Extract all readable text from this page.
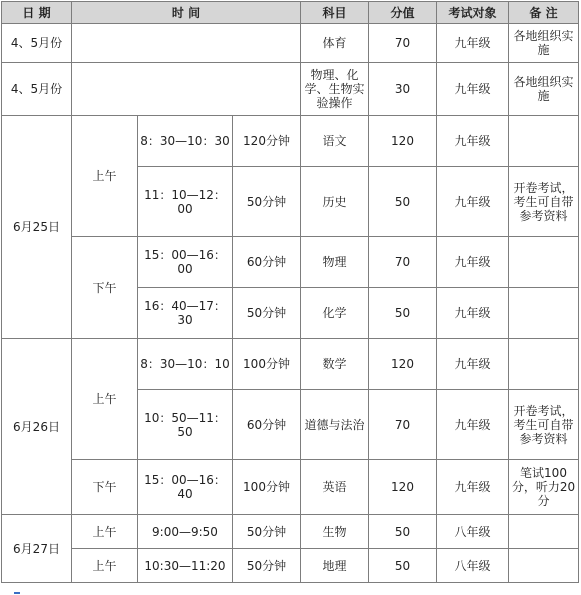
日 期	时 间			科目	分值	考试对象	备 注
4、5月份				体育	70	九年级	各地组织实施
4、5月份				物理、化学、生物实验操作	30	九年级	各地组织实施
6月25日	上午	8：30—10：30	120分钟	语文	120	九年级	
		11：10—12：00	50分钟	历史	50	九年级	开卷考试，考生可自带参考资料
	下午	15：00—16：00	60分钟	物理	70	九年级	
		16：40—17：30	50分钟	化学	50	九年级	
6月26日	上午	8：30—10：10	100分钟	数学	120	九年级	
		10：50—11：50	60分钟	道德与法治	70	九年级	开卷考试，考生可自带参考资料
	下午	15：00—16：40	100分钟	英语	120	九年级	笔试100分，听力20分
6月27日	上午	9:00—9:50	50分钟	生物	50	八年级	
	上午	10:30—11:20	50分钟	地理	50	八年级	
